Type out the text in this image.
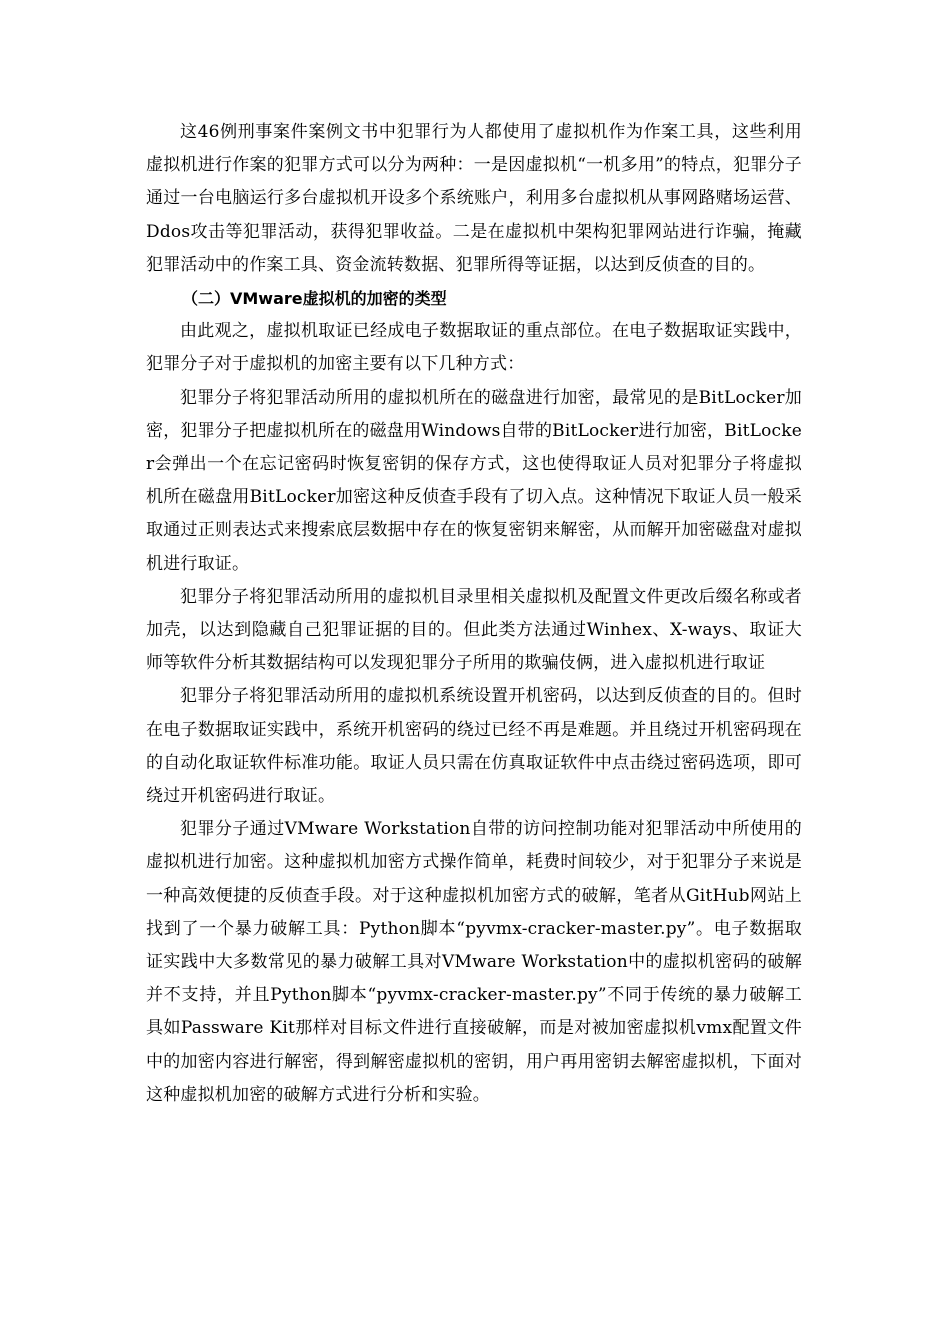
这46例刑事案件案例文书中犯罪行为人都使用了虚拟机作为作案工具，这些利用虚拟机进行作案的犯罪方式可以分为两种：一是因虚拟机“一机多用”的特点，犯罪分子通过一台电脑运行多台虚拟机开设多个系统账户，利用多台虚拟机从事网路赌场运营、Ddos攻击等犯罪活动，获得犯罪收益。二是在虚拟机中架构犯罪网站进行诈骗，掩藏犯罪活动中的作案工具、资金流转数据、犯罪所得等证据，以达到反侦查的目的。

（二）VMware虚拟机的加密的类型

由此观之，虚拟机取证已经成电子数据取证的重点部位。在电子数据取证实践中，犯罪分子对于虚拟机的加密主要有以下几种方式：

犯罪分子将犯罪活动所用的虚拟机所在的磁盘进行加密，最常见的是BitLocker加密，犯罪分子把虚拟机所在的磁盘用Windows自带的BitLocker进行加密，BitLocker会弹出一个在忘记密码时恢复密钥的保存方式，这也使得取证人员对犯罪分子将虚拟机所在磁盘用BitLocker加密这种反侦查手段有了切入点。这种情况下取证人员一般采取通过正则表达式来搜索底层数据中存在的恢复密钥来解密，从而解开加密磁盘对虚拟机进行取证。

犯罪分子将犯罪活动所用的虚拟机目录里相关虚拟机及配置文件更改后缀名称或者加壳，以达到隐藏自己犯罪证据的目的。但此类方法通过Winhex、X-ways、取证大师等软件分析其数据结构可以发现犯罪分子所用的欺骗伎俩，进入虚拟机进行取证

犯罪分子将犯罪活动所用的虚拟机系统设置开机密码，以达到反侦查的目的。但时在电子数据取证实践中，系统开机密码的绕过已经不再是难题。并且绕过开机密码现在的自动化取证软件标准功能。取证人员只需在仿真取证软件中点击绕过密码选项，即可绕过开机密码进行取证。

犯罪分子通过VMware Workstation自带的访问控制功能对犯罪活动中所使用的虚拟机进行加密。这种虚拟机加密方式操作简单，耗费时间较少，对于犯罪分子来说是一种高效便捷的反侦查手段。对于这种虚拟机加密方式的破解，笔者从GitHub网站上找到了一个暴力破解工具：Python脚本“pyvmx-cracker-master.py”。电子数据取证实践中大多数常见的暴力破解工具对VMware Workstation中的虚拟机密码的破解并不支持，并且Python脚本“pyvmx-cracker-master.py”不同于传统的暴力破解工具如Passware Kit那样对目标文件进行直接破解，而是对被加密虚拟机vmx配置文件中的加密内容进行解密，得到解密虚拟机的密钥，用户再用密钥去解密虚拟机，下面对这种虚拟机加密的破解方式进行分析和实验。
